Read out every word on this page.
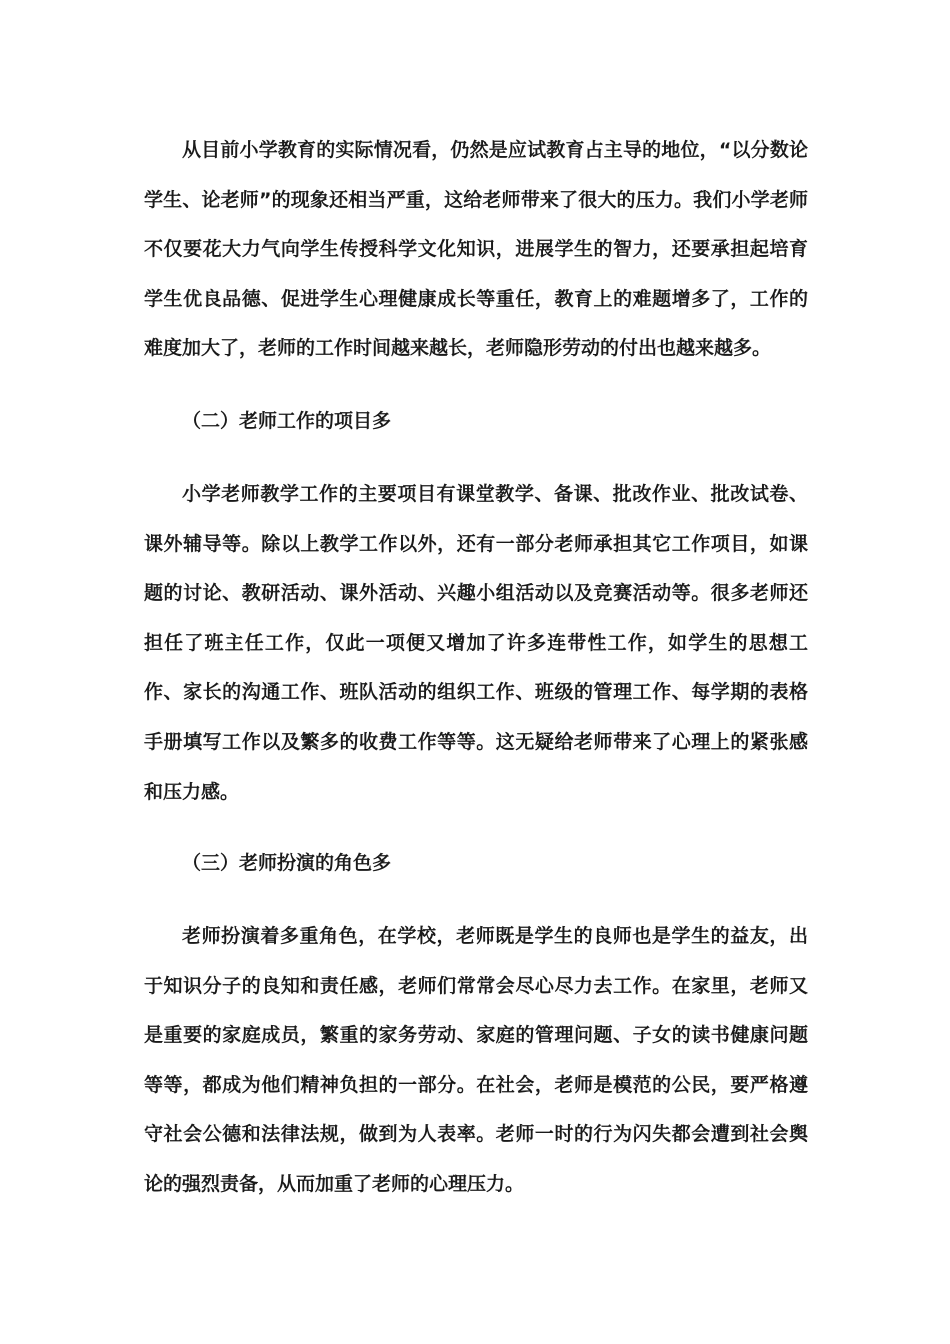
从目前小学教育的实际情况看，仍然是应试教育占主导的地位，“以分数论学生、论老师”的现象还相当严重，这给老师带来了很大的压力。我们小学老师不仅要花大力气向学生传授科学文化知识，进展学生的智力，还要承担起培育学生优良品德、促进学生心理健康成长等重任，教育上的难题增多了，工作的难度加大了，老师的工作时间越来越长，老师隐形劳动的付出也越来越多。

（二）老师工作的项目多

小学老师教学工作的主要项目有课堂教学、备课、批改作业、批改试卷、课外辅导等。除以上教学工作以外，还有一部分老师承担其它工作项目，如课题的讨论、教研活动、课外活动、兴趣小组活动以及竞赛活动等。很多老师还担任了班主任工作，仅此一项便又增加了许多连带性工作，如学生的思想工作、家长的沟通工作、班队活动的组织工作、班级的管理工作、每学期的表格手册填写工作以及繁多的收费工作等等。这无疑给老师带来了心理上的紧张感和压力感。

（三）老师扮演的角色多

老师扮演着多重角色，在学校，老师既是学生的良师也是学生的益友，出于知识分子的良知和责任感，老师们常常会尽心尽力去工作。在家里，老师又是重要的家庭成员，繁重的家务劳动、家庭的管理问题、子女的读书健康问题等等，都成为他们精神负担的一部分。在社会，老师是模范的公民，要严格遵守社会公德和法律法规，做到为人表率。老师一时的行为闪失都会遭到社会舆论的强烈责备，从而加重了老师的心理压力。
